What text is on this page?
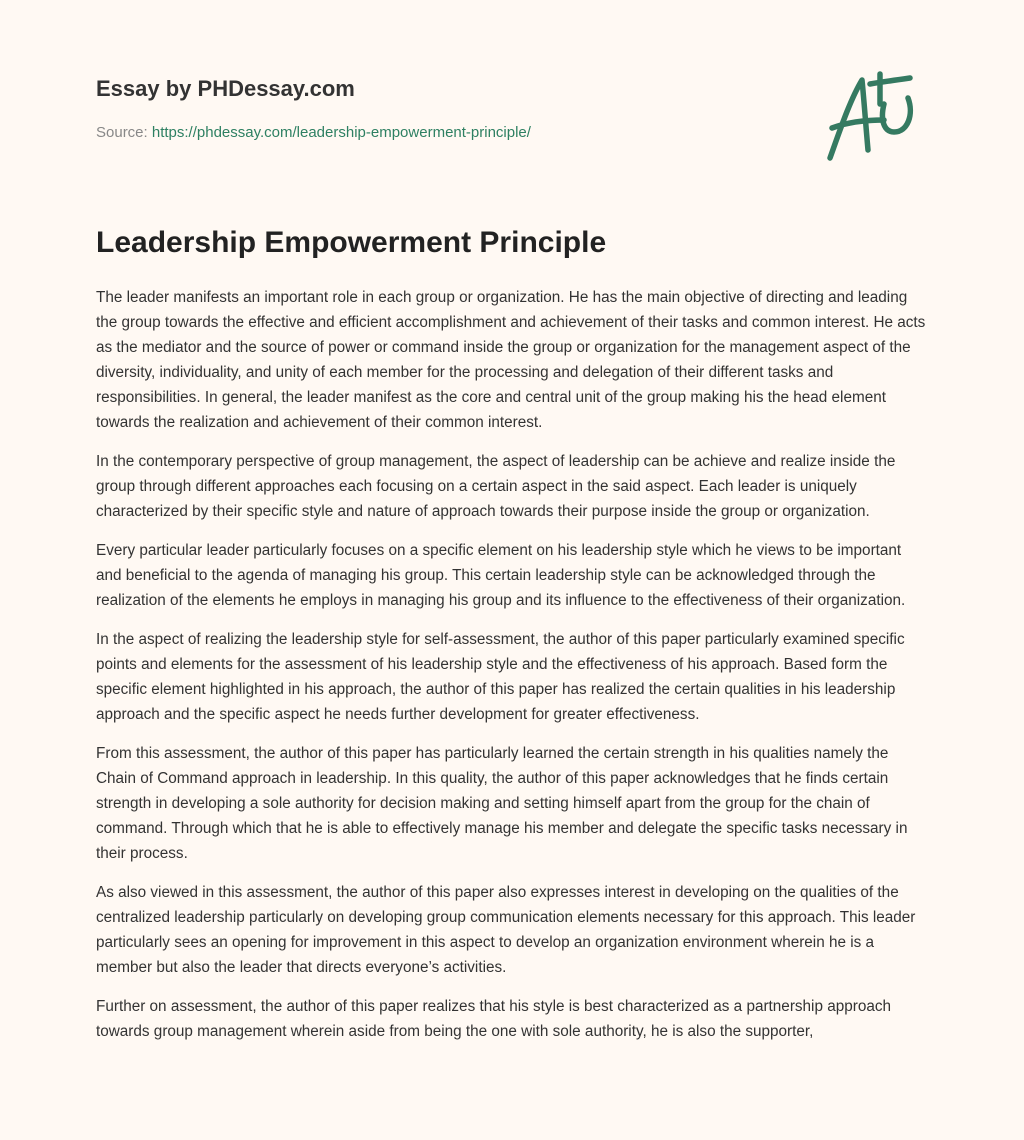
Essay by PHDessay.com
Source: https://phdessay.com/leadership-empowerment-principle/
Leadership Empowerment Principle

The leader manifests an important role in each group or organization. He has the main objective of directing and leading the group towards the effective and efficient accomplishment and achievement of their tasks and common interest. He acts as the mediator and the source of power or command inside the group or organization for the management aspect of the diversity, individuality, and unity of each member for the processing and delegation of their different tasks and responsibilities. In general, the leader manifest as the core and central unit of the group making his the head element towards the realization and achievement of their common interest.

In the contemporary perspective of group management, the aspect of leadership can be achieve and realize inside the group through different approaches each focusing on a certain aspect in the said aspect. Each leader is uniquely characterized by their specific style and nature of approach towards their purpose inside the group or organization.

Every particular leader particularly focuses on a specific element on his leadership style which he views to be important and beneficial to the agenda of managing his group. This certain leadership style can be acknowledged through the realization of the elements he employs in managing his group and its influence to the effectiveness of their organization.

In the aspect of realizing the leadership style for self-assessment, the author of this paper particularly examined specific points and elements for the assessment of his leadership style and the effectiveness of his approach. Based form the specific element highlighted in his approach, the author of this paper has realized the certain qualities in his leadership approach and the specific aspect he needs further development for greater effectiveness.

From this assessment, the author of this paper has particularly learned the certain strength in his qualities namely the Chain of Command approach in leadership. In this quality, the author of this paper acknowledges that he finds certain strength in developing a sole authority for decision making and setting himself apart from the group for the chain of command. Through which that he is able to effectively manage his member and delegate the specific tasks necessary in their process.

As also viewed in this assessment, the author of this paper also expresses interest in developing on the qualities of the centralized leadership particularly on developing group communication elements necessary for this approach. This leader particularly sees an opening for improvement in this aspect to develop an organization environment wherein he is a member but also the leader that directs everyone’s activities.

Further on assessment, the author of this paper realizes that his style is best characterized as a partnership approach towards group management wherein aside from being the one with sole authority, he is also the supporter,
